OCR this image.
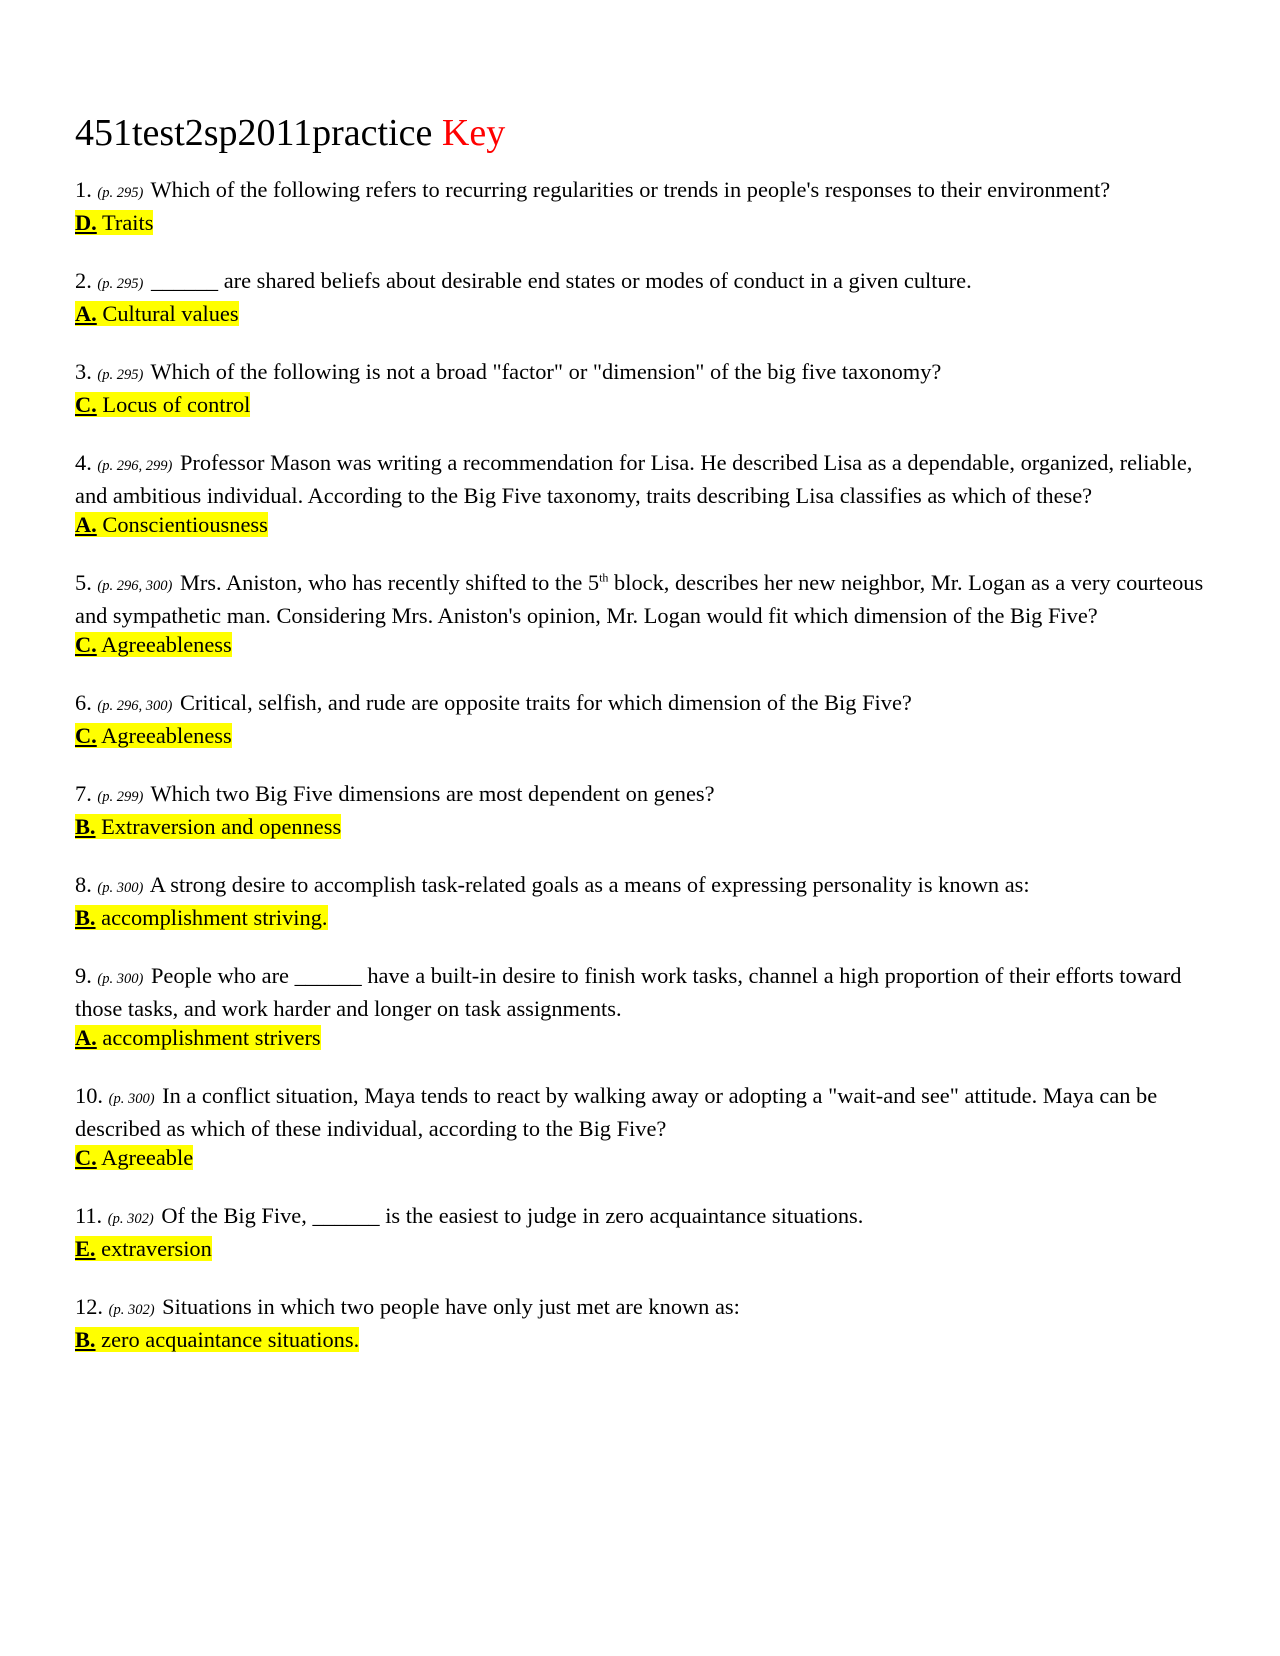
451test2sp2011practice Key

1. (p. 295) Which of the following refers to recurring regularities or trends in people's responses to their environment?

D. Traits

2. (p. 295) ______ are shared beliefs about desirable end states or modes of conduct in a given culture.

A. Cultural values

3. (p. 295) Which of the following is not a broad "factor" or "dimension" of the big five taxonomy?

C. Locus of control

4. (p. 296, 299) Professor Mason was writing a recommendation for Lisa. He described Lisa as a dependable, organized, reliable, and ambitious individual. According to the Big Five taxonomy, traits describing Lisa classifies as which of these?

A. Conscientiousness

5. (p. 296, 300) Mrs. Aniston, who has recently shifted to the 5th block, describes her new neighbor, Mr. Logan as a very courteous and sympathetic man. Considering Mrs. Aniston's opinion, Mr. Logan would fit which dimension of the Big Five?

C. Agreeableness

6. (p. 296, 300) Critical, selfish, and rude are opposite traits for which dimension of the Big Five?

C. Agreeableness

7. (p. 299) Which two Big Five dimensions are most dependent on genes?

B. Extraversion and openness

8. (p. 300) A strong desire to accomplish task-related goals as a means of expressing personality is known as:

B. accomplishment striving.

9. (p. 300) People who are ______ have a built-in desire to finish work tasks, channel a high proportion of their efforts toward those tasks, and work harder and longer on task assignments.

A. accomplishment strivers

10. (p. 300) In a conflict situation, Maya tends to react by walking away or adopting a "wait-and see" attitude. Maya can be described as which of these individual, according to the Big Five?

C. Agreeable

11. (p. 302) Of the Big Five, ______ is the easiest to judge in zero acquaintance situations.

E. extraversion

12. (p. 302) Situations in which two people have only just met are known as:

B. zero acquaintance situations.
